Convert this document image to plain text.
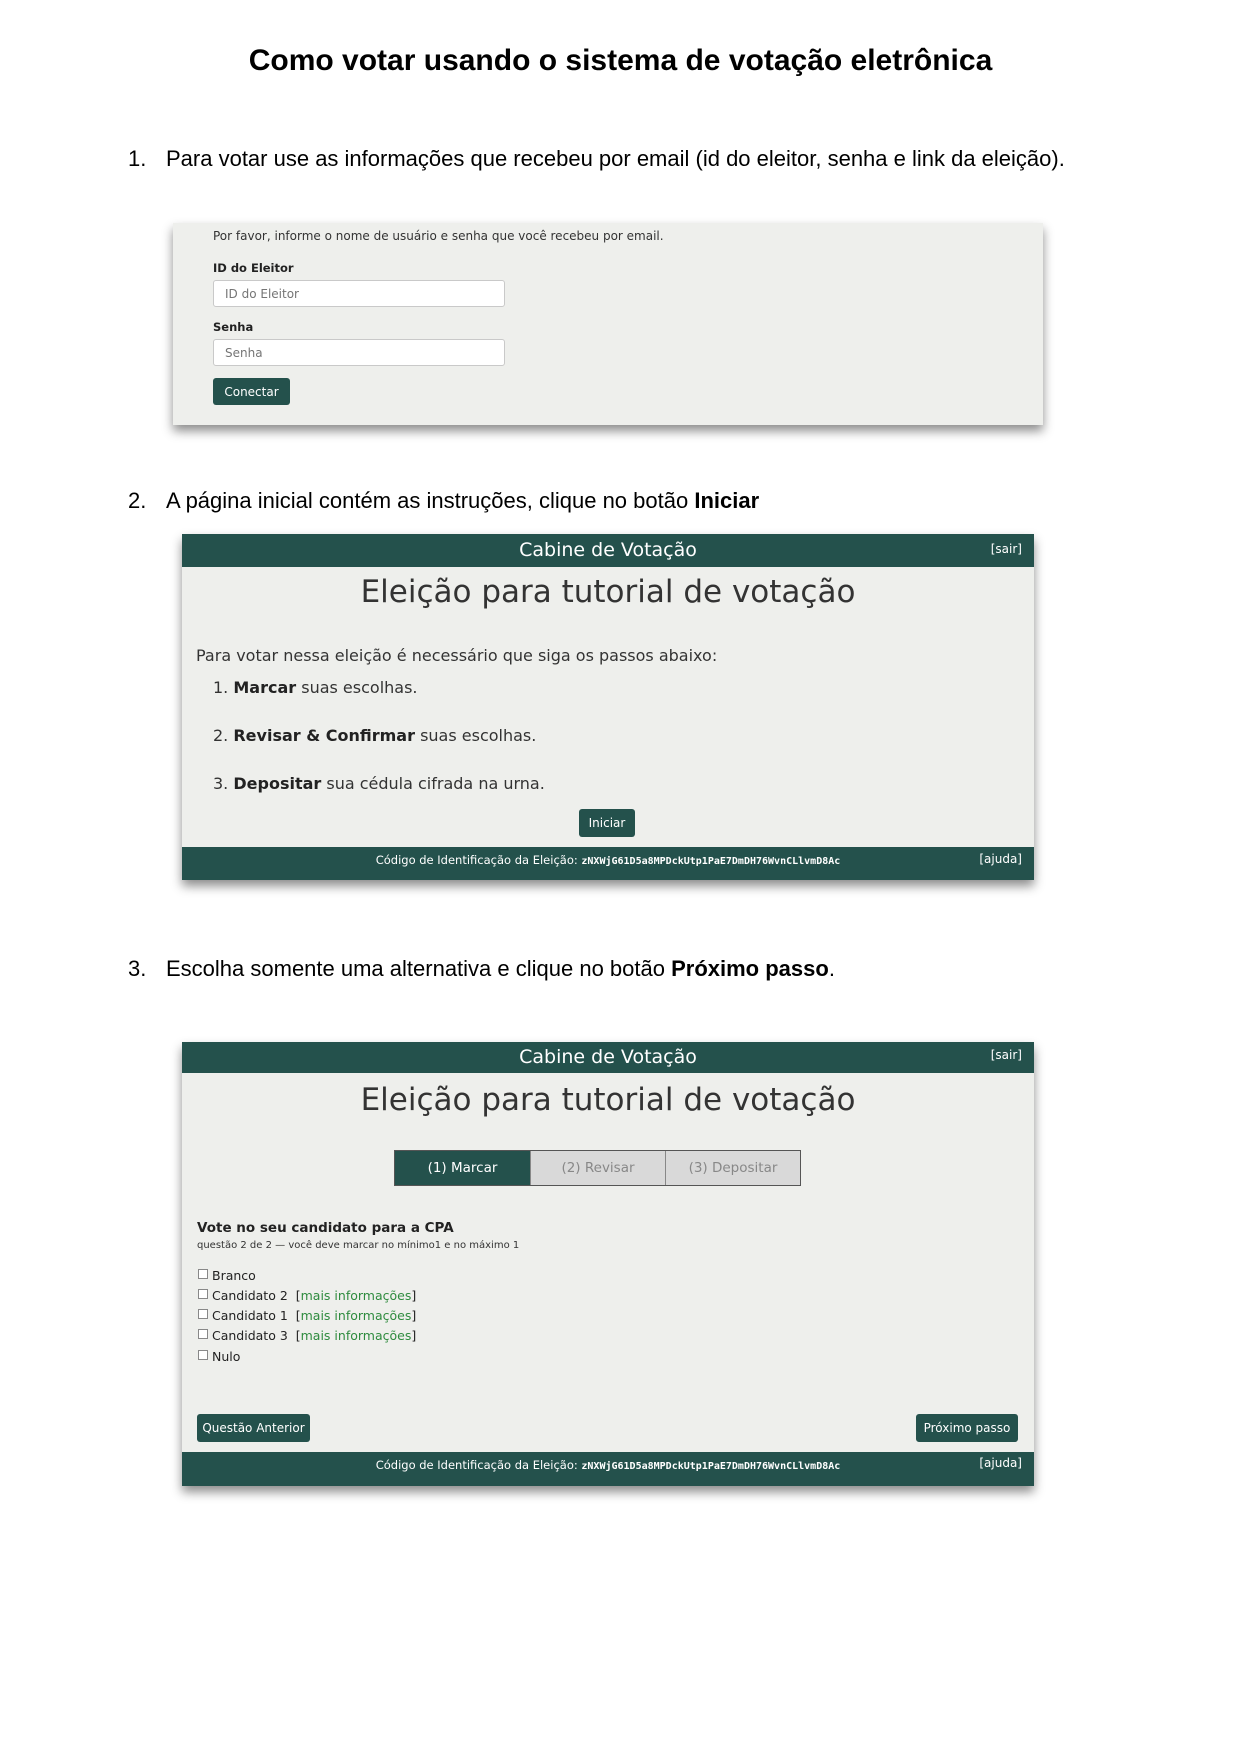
Como votar usando o sistema de votação eletrônica
1. Para votar use as informações que recebeu por email (id do eleitor, senha e link da eleição).
Por favor, informe o nome de usuário e senha que você recebeu por email.
ID do Eleitor
ID do Eleitor
Senha
Senha
Conectar
2. A página inicial contém as instruções, clique no botão Iniciar
Cabine de Votação	[sair]
Eleição para tutorial de votação
Para votar nessa eleição é necessário que siga os passos abaixo:
1. Marcar suas escolhas.
2. Revisar & Confirmar suas escolhas.
3. Depositar sua cédula cifrada na urna.
Iniciar
Código de Identificação da Eleição: zNXWjG61D5a8MPDckUtp1PaE7DmDH76WvnCLlvmD8Ac	[ajuda]
3. Escolha somente uma alternativa e clique no botão Próximo passo.
Cabine de Votação	[sair]
Eleição para tutorial de votação
(1) Marcar	(2) Revisar	(3) Depositar
Vote no seu candidato para a CPA
questão 2 de 2 — você deve marcar no mínimo1 e no máximo 1
Branco
Candidato 2 [ mais informações ]
Candidato 1 [ mais informações ]
Candidato 3 [ mais informações ]
Nulo
Questão Anterior	Próximo passo
Código de Identificação da Eleição: zNXWjG61D5a8MPDckUtp1PaE7DmDH76WvnCLlvmD8Ac	[ajuda]
